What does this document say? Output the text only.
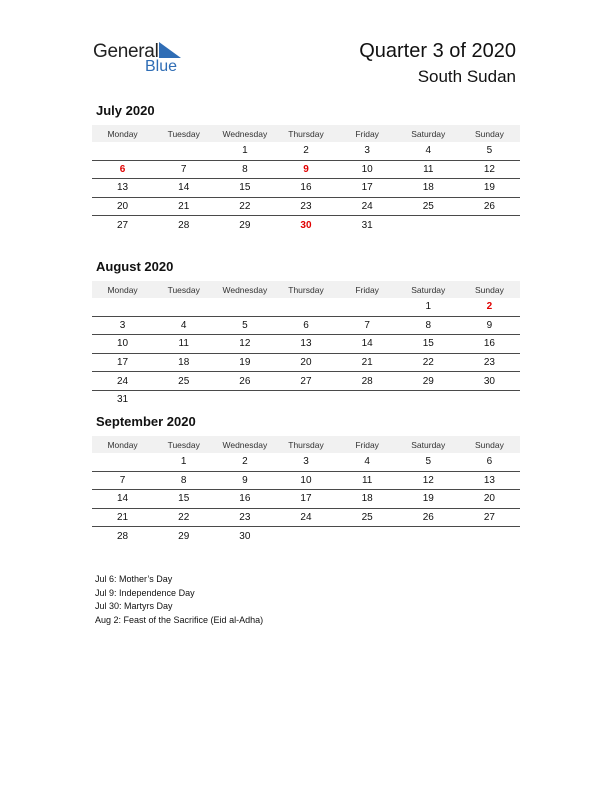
General
Blue
Quarter 3 of 2020
South Sudan
July 2020
Monday	Tuesday	Wednesday	Thursday	Friday	Saturday	Sunday
		1	2	3	4	5
6	7	8	9	10	11	12
13	14	15	16	17	18	19
20	21	22	23	24	25	26
27	28	29	30	31		
August 2020
Monday	Tuesday	Wednesday	Thursday	Friday	Saturday	Sunday
					1	2
3	4	5	6	7	8	9
10	11	12	13	14	15	16
17	18	19	20	21	22	23
24	25	26	27	28	29	30
31						
September 2020
Monday	Tuesday	Wednesday	Thursday	Friday	Saturday	Sunday
	1	2	3	4	5	6
7	8	9	10	11	12	13
14	15	16	17	18	19	20
21	22	23	24	25	26	27
28	29	30				
Jul 6: Mother’s Day
Jul 9: Independence Day
Jul 30: Martyrs Day
Aug 2: Feast of the Sacrifice (Eid al-Adha)
